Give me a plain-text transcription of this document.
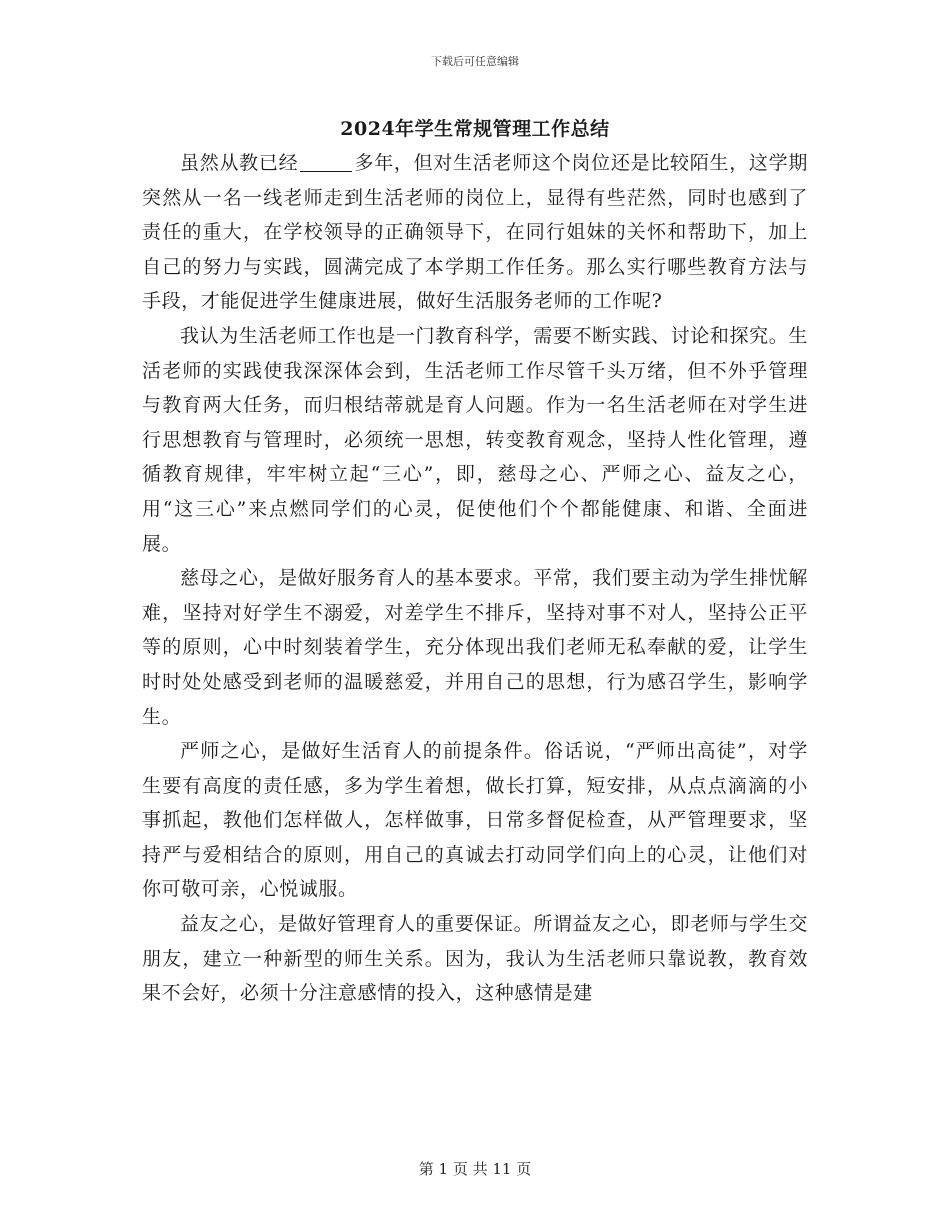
下载后可任意编辑
2024年学生常规管理工作总结

虽然从教已经	多年，但对生活老师这个岗位还是比较陌生，这学期突然从一名一线老师走到生活老师的岗位上，显得有些茫然，同时也感到了责任的重大，在学校领导的正确领导下，在同行姐妹的关怀和帮助下，加上自己的努力与实践，圆满完成了本学期工作任务。那么实行哪些教育方法与手段，才能促进学生健康进展，做好生活服务老师的工作呢?

我认为生活老师工作也是一门教育科学，需要不断实践、讨论和探究。生活老师的实践使我深深体会到，生活老师工作尽管千头万绪，但不外乎管理与教育两大任务，而归根结蒂就是育人问题。作为一名生活老师在对学生进行思想教育与管理时，必须统一思想，转变教育观念，坚持人性化管理，遵循教育规律，牢牢树立起“三心”，即，慈母之心、严师之心、益友之心，用“这三心”来点燃同学们的心灵，促使他们个个都能健康、和谐、全面进展。

慈母之心，是做好服务育人的基本要求。平常，我们要主动为学生排忧解难，坚持对好学生不溺爱，对差学生不排斥，坚持对事不对人，坚持公正平等的原则，心中时刻装着学生，充分体现出我们老师无私奉献的爱，让学生时时处处感受到老师的温暖慈爱，并用自己的思想，行为感召学生，影响学生。

严师之心，是做好生活育人的前提条件。俗话说，“严师出高徒”，对学生要有高度的责任感，多为学生着想，做长打算，短安排，从点点滴滴的小事抓起，教他们怎样做人，怎样做事，日常多督促检查，从严管理要求，坚持严与爱相结合的原则，用自己的真诚去打动同学们向上的心灵，让他们对你可敬可亲，心悦诚服。

益友之心，是做好管理育人的重要保证。所谓益友之心，即老师与学生交朋友，建立一种新型的师生关系。因为，我认为生活老师只靠说教，教育效果不会好，必须十分注意感情的投入，这种感情是建

第 1 页 共 11 页
